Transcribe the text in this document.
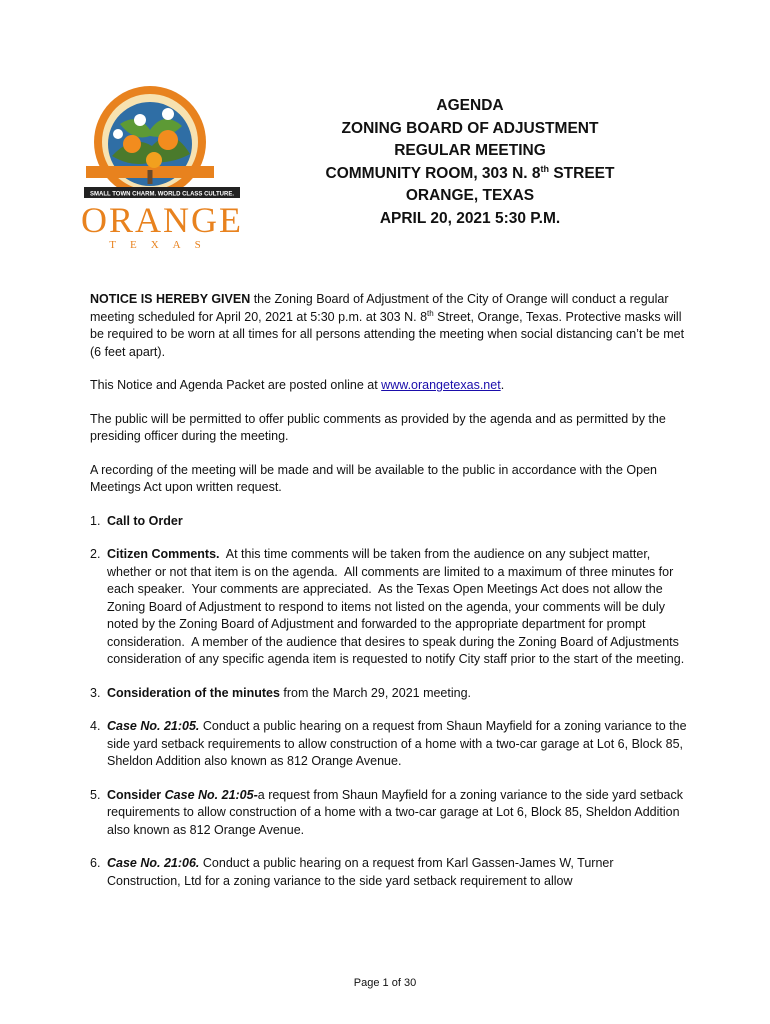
SMALL TOWN CHARM. WORLD CLASS CULTURE.
ORANGE
TEXAS
AGENDA
ZONING BOARD OF ADJUSTMENT
REGULAR MEETING
COMMUNITY ROOM, 303 N. 8th STREET
ORANGE, TEXAS
APRIL 20, 2021 5:30 P.M.

NOTICE IS HEREBY GIVEN the Zoning Board of Adjustment of the City of Orange will conduct a regular meeting scheduled for April 20, 2021 at 5:30 p.m. at 303 N. 8th Street, Orange, Texas. Protective masks will be required to be worn at all times for all persons attending the meeting when social distancing can’t be met (6 feet apart).

This Notice and Agenda Packet are posted online at www.orangetexas.net.

The public will be permitted to offer public comments as provided by the agenda and as permitted by the presiding officer during the meeting.

A recording of the meeting will be made and will be available to the public in accordance with the Open Meetings Act upon written request.

1. Call to Order
2. Citizen Comments.  At this time comments will be taken from the audience on any subject matter, whether or not that item is on the agenda.  All comments are limited to a maximum of three minutes for each speaker.  Your comments are appreciated.  As the Texas Open Meetings Act does not allow the Zoning Board of Adjustment to respond to items not listed on the agenda, your comments will be duly noted by the Zoning Board of Adjustment and forwarded to the appropriate department for prompt consideration.  A member of the audience that desires to speak during the Zoning Board of Adjustments consideration of any specific agenda item is requested to notify City staff prior to the start of the meeting.
3. Consideration of the minutes from the March 29, 2021 meeting.
4. Case No. 21:05. Conduct a public hearing on a request from Shaun Mayfield for a zoning variance to the side yard setback requirements to allow construction of a home with a two-car garage at Lot 6, Block 85, Sheldon Addition also known as 812 Orange Avenue.
5. Consider Case No. 21:05-a request from Shaun Mayfield for a zoning variance to the side yard setback requirements to allow construction of a home with a two-car garage at Lot 6, Block 85, Sheldon Addition also known as 812 Orange Avenue.
6. Case No. 21:06. Conduct a public hearing on a request from Karl Gassen-James W, Turner Construction, Ltd for a zoning variance to the side yard setback requirement to allow
Page 1 of 30
